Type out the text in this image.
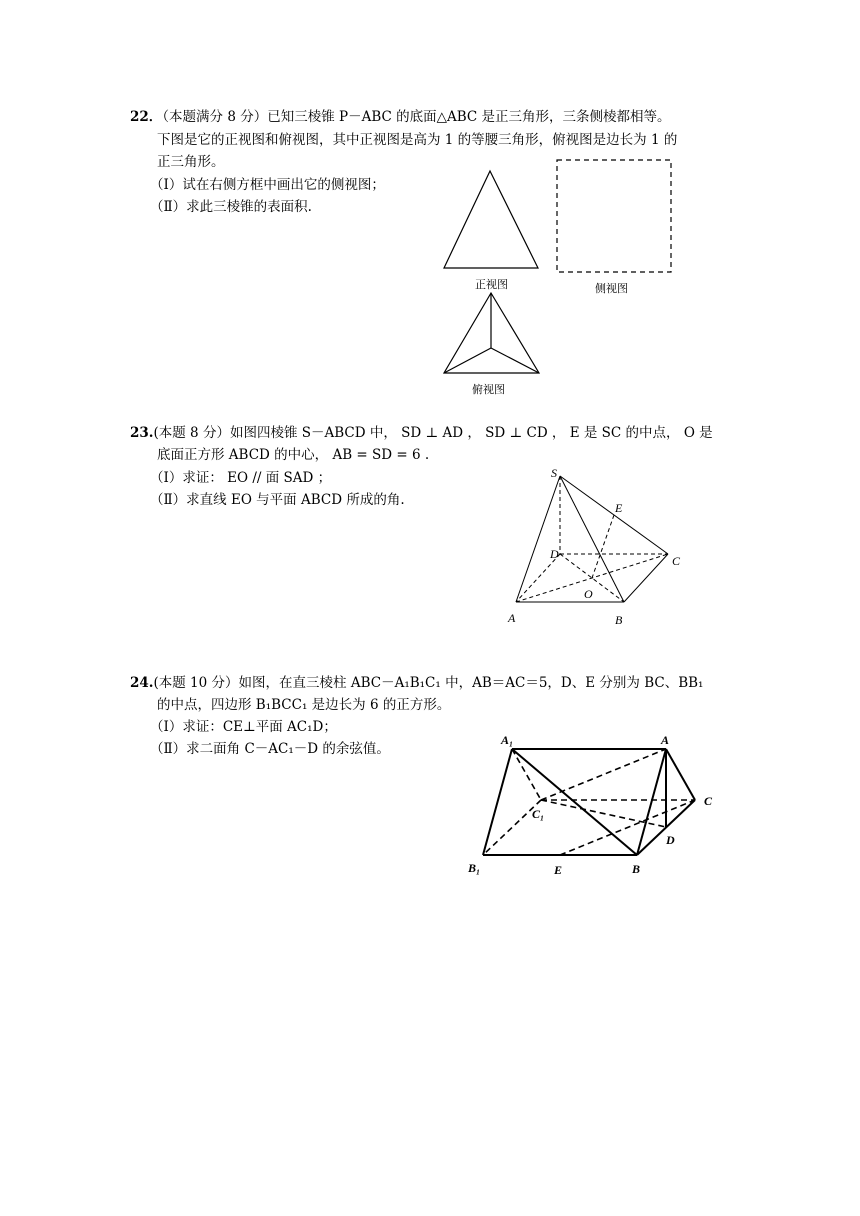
22．（本题满分 8 分）已知三棱锥 P－ABC 的底面△ABC 是正三角形，三条侧棱都相等。
下图是它的正视图和俯视图，其中正视图是高为 1 的等腰三角形，俯视图是边长为 1 的
正三角形。
（Ⅰ）试在右侧方框中画出它的侧视图；
（Ⅱ）求此三棱锥的表面积.
正视图	侧视图
俯视图
23.(本题 8 分）如图四棱锥 S－ABCD 中， SD ⊥ AD ， SD ⊥ CD ， E 是 SC 的中点， O 是
底面正方形 ABCD 的中心， AB = SD = 6 .
（Ⅰ）求证： EO // 面 SAD ；
（Ⅱ）求直线 EO 与平面 ABCD 所成的角.
S
E
D	C
O
A	B
24.(本题 10 分）如图，在直三棱柱 ABC－A₁B₁C₁ 中，AB＝AC＝5，D、E 分别为 BC、BB₁
的中点，四边形 B₁BCC₁ 是边长为 6 的正方形。
（Ⅰ）求证：CE⊥平面 AC₁D；
（Ⅱ）求二面角 C－AC₁－D 的余弦值。
A₁	A
C
C₁
D
B₁	E	B
